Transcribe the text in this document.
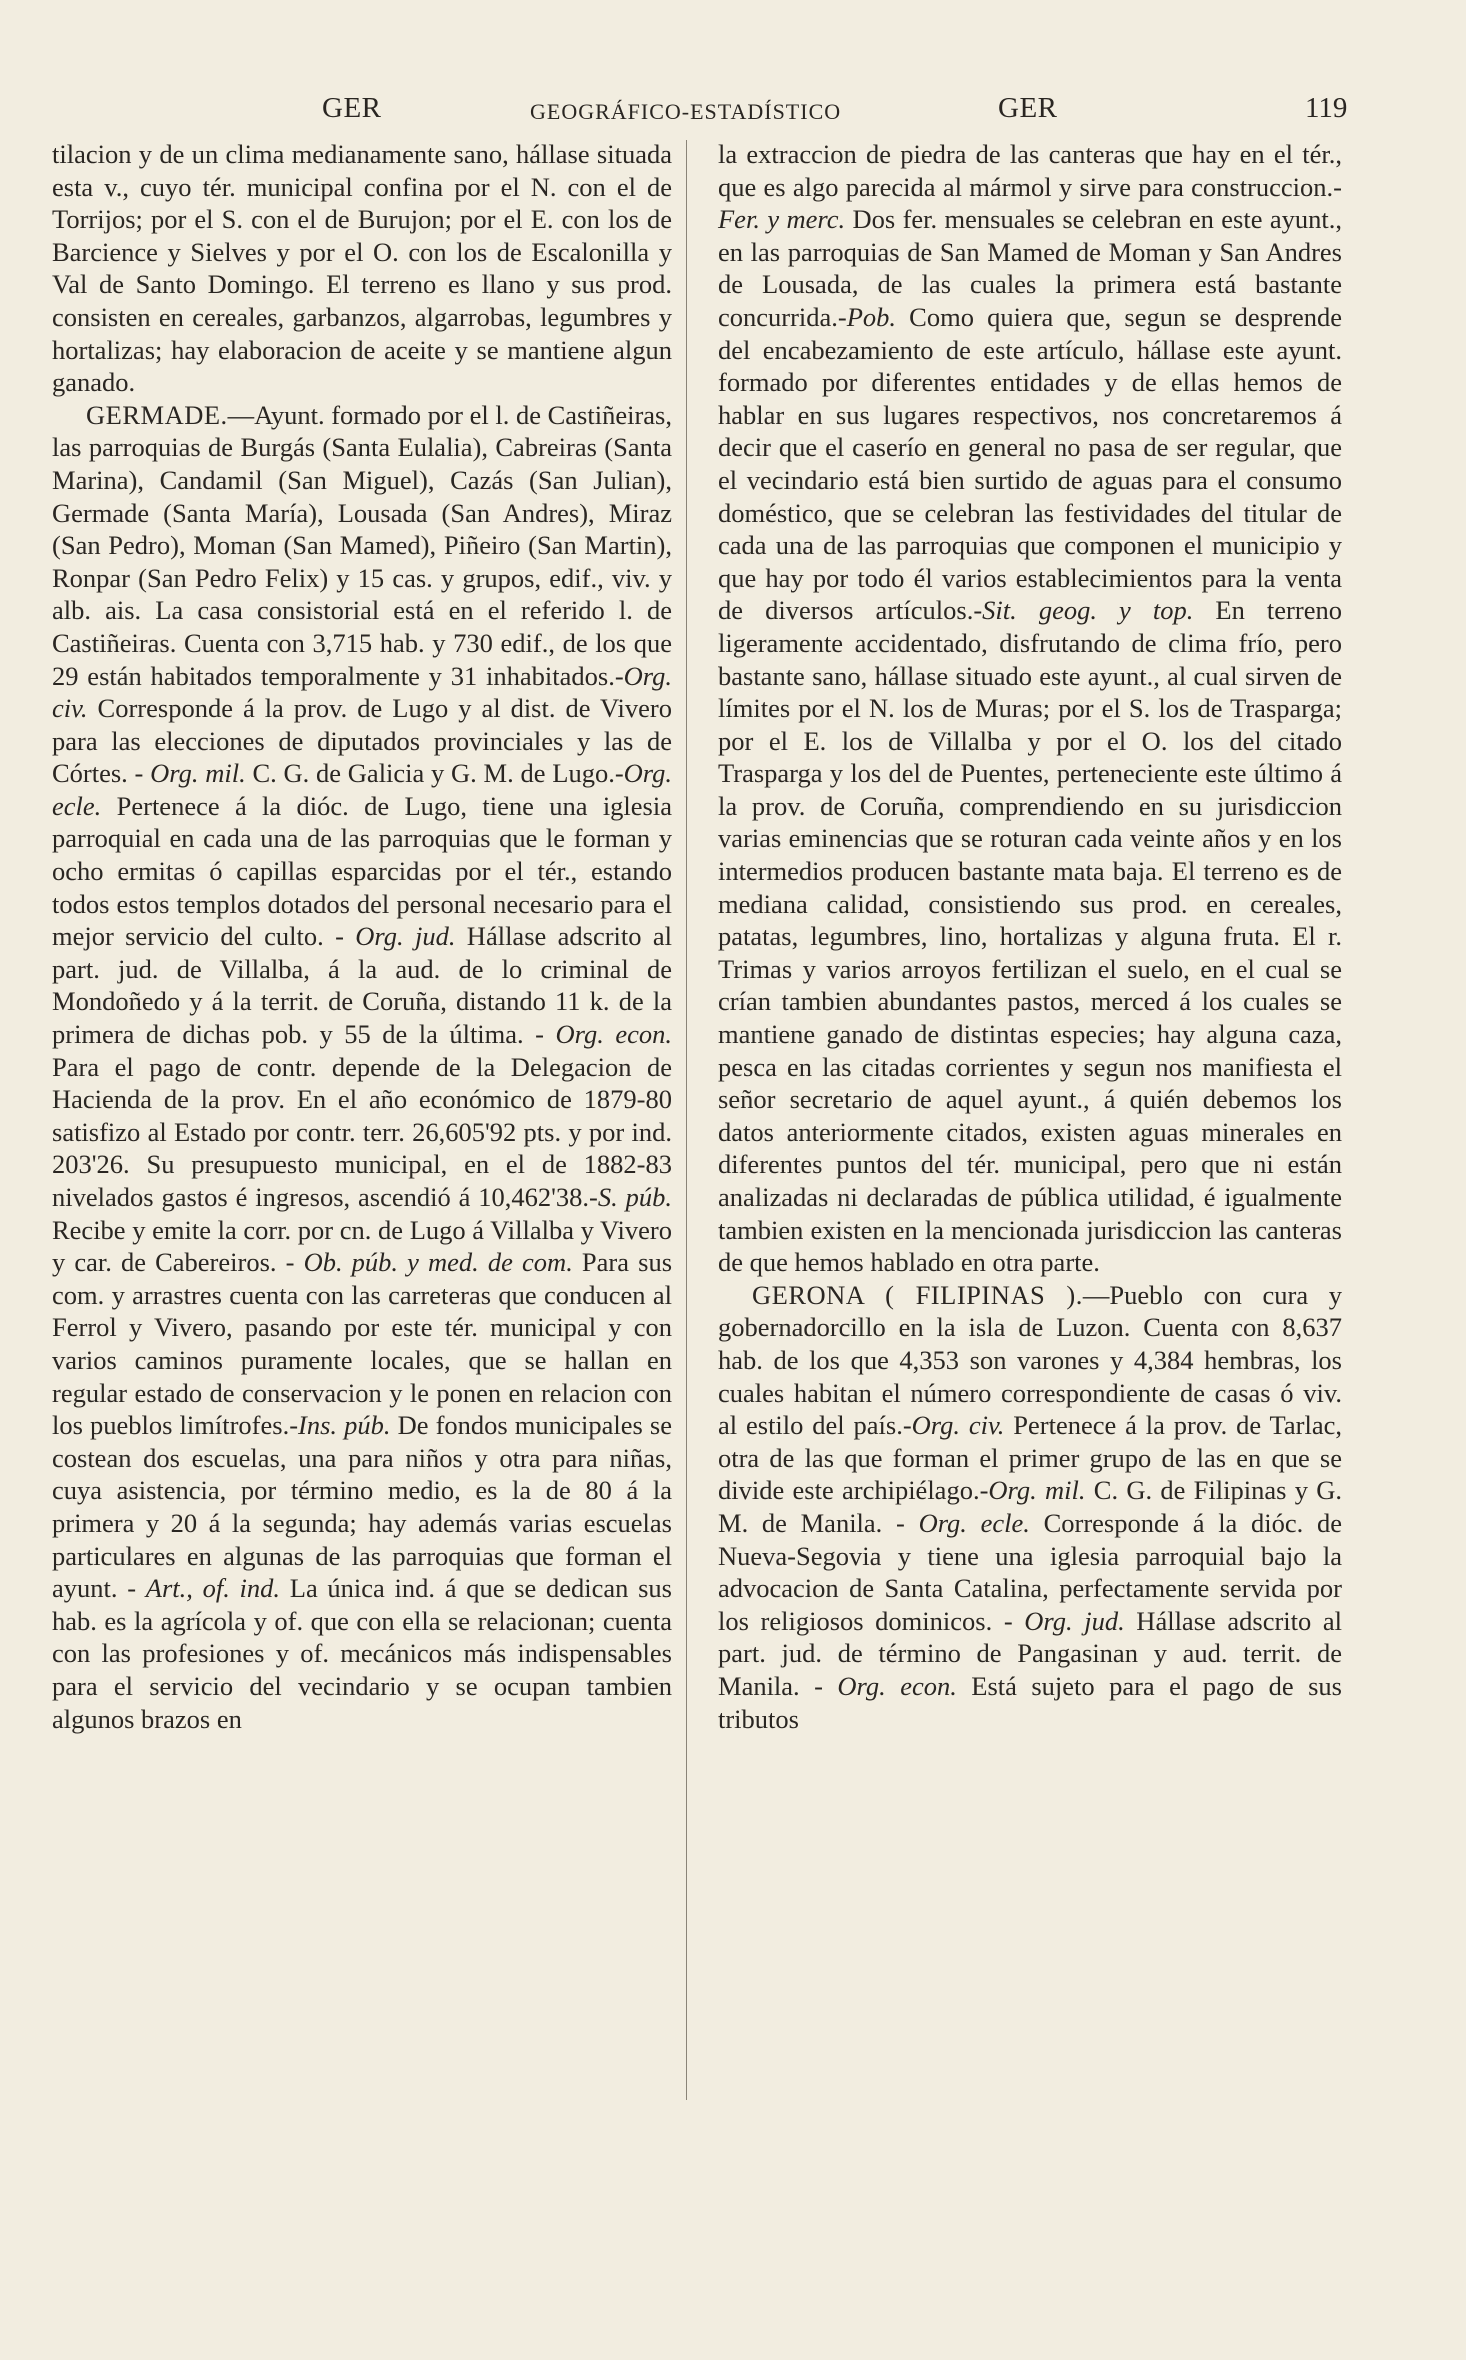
GER	GEOGRÁFICO-ESTADÍSTICO	GER	119

tilacion y de un clima medianamente sano, hállase situada esta v., cuyo tér. municipal confina por el N. con el de Torrijos; por el S. con el de Burujon; por el E. con los de Barcience y Sielves y por el O. con los de Escalonilla y Val de Santo Domingo. El terreno es llano y sus prod. consisten en cereales, garbanzos, algarrobas, legumbres y hortalizas; hay elaboracion de aceite y se mantiene algun ganado.

GERMADE.—Ayunt. formado por el l. de Castiñeiras, las parroquias de Burgás (Santa Eulalia), Cabreiras (Santa Marina), Candamil (San Miguel), Cazás (San Julian), Germade (Santa María), Lousada (San Andres), Miraz (San Pedro), Moman (San Mamed), Piñeiro (San Martin), Ronpar (San Pedro Felix) y 15 cas. y grupos, edif., viv. y alb. ais. La casa consistorial está en el referido l. de Castiñeiras. Cuenta con 3,715 hab. y 730 edif., de los que 29 están habitados temporalmente y 31 inhabitados.-Org. civ. Corresponde á la prov. de Lugo y al dist. de Vivero para las elecciones de diputados provinciales y las de Córtes. - Org. mil. C. G. de Galicia y G. M. de Lugo.-Org. ecle. Pertenece á la dióc. de Lugo, tiene una iglesia parroquial en cada una de las parroquias que le forman y ocho ermitas ó capillas esparcidas por el tér., estando todos estos templos dotados del personal necesario para el mejor servicio del culto. - Org. jud. Hállase adscrito al part. jud. de Villalba, á la aud. de lo criminal de Mondoñedo y á la territ. de Coruña, distando 11 k. de la primera de dichas pob. y 55 de la última. - Org. econ. Para el pago de contr. depende de la Delegacion de Hacienda de la prov. En el año económico de 1879-80 satisfizo al Estado por contr. terr. 26,605'92 pts. y por ind. 203'26. Su presupuesto municipal, en el de 1882-83 nivelados gastos é ingresos, ascendió á 10,462'38.-S. púb. Recibe y emite la corr. por cn. de Lugo á Villalba y Vivero y car. de Cabereiros. - Ob. púb. y med. de com. Para sus com. y arrastres cuenta con las carreteras que conducen al Ferrol y Vivero, pasando por este tér. municipal y con varios caminos puramente locales, que se hallan en regular estado de conservacion y le ponen en relacion con los pueblos limítrofes.-Ins. púb. De fondos municipales se costean dos escuelas, una para niños y otra para niñas, cuya asistencia, por término medio, es la de 80 á la primera y 20 á la segunda; hay además varias escuelas particulares en algunas de las parroquias que forman el ayunt. - Art., of. ind. La única ind. á que se dedican sus hab. es la agrícola y of. que con ella se relacionan; cuenta con las profesiones y of. mecánicos más indispensables para el servicio del vecindario y se ocupan tambien algunos brazos en

la extraccion de piedra de las canteras que hay en el tér., que es algo parecida al mármol y sirve para construccion.-Fer. y merc. Dos fer. mensuales se celebran en este ayunt., en las parroquias de San Mamed de Moman y San Andres de Lousada, de las cuales la primera está bastante concurrida.-Pob. Como quiera que, segun se desprende del encabezamiento de este artículo, hállase este ayunt. formado por diferentes entidades y de ellas hemos de hablar en sus lugares respectivos, nos concretaremos á decir que el caserío en general no pasa de ser regular, que el vecindario está bien surtido de aguas para el consumo doméstico, que se celebran las festividades del titular de cada una de las parroquias que componen el municipio y que hay por todo él varios establecimientos para la venta de diversos artículos.-Sit. geog. y top. En terreno ligeramente accidentado, disfrutando de clima frío, pero bastante sano, hállase situado este ayunt., al cual sirven de límites por el N. los de Muras; por el S. los de Trasparga; por el E. los de Villalba y por el O. los del citado Trasparga y los del de Puentes, perteneciente este último á la prov. de Coruña, comprendiendo en su jurisdiccion varias eminencias que se roturan cada veinte años y en los intermedios producen bastante mata baja. El terreno es de mediana calidad, consistiendo sus prod. en cereales, patatas, legumbres, lino, hortalizas y alguna fruta. El r. Trimas y varios arroyos fertilizan el suelo, en el cual se crían tambien abundantes pastos, merced á los cuales se mantiene ganado de distintas especies; hay alguna caza, pesca en las citadas corrientes y segun nos manifiesta el señor secretario de aquel ayunt., á quién debemos los datos anteriormente citados, existen aguas minerales en diferentes puntos del tér. municipal, pero que ni están analizadas ni declaradas de pública utilidad, é igualmente tambien existen en la mencionada jurisdiccion las canteras de que hemos hablado en otra parte.

GERONA ( FILIPINAS ).—Pueblo con cura y gobernadorcillo en la isla de Luzon. Cuenta con 8,637 hab. de los que 4,353 son varones y 4,384 hembras, los cuales habitan el número correspondiente de casas ó viv. al estilo del país.-Org. civ. Pertenece á la prov. de Tarlac, otra de las que forman el primer grupo de las en que se divide este archipiélago.-Org. mil. C. G. de Filipinas y G. M. de Manila. - Org. ecle. Corresponde á la dióc. de Nueva-Segovia y tiene una iglesia parroquial bajo la advocacion de Santa Catalina, perfectamente servida por los religiosos dominicos. - Org. jud. Hállase adscrito al part. jud. de término de Pangasinan y aud. territ. de Manila. - Org. econ. Está sujeto para el pago de sus tributos
